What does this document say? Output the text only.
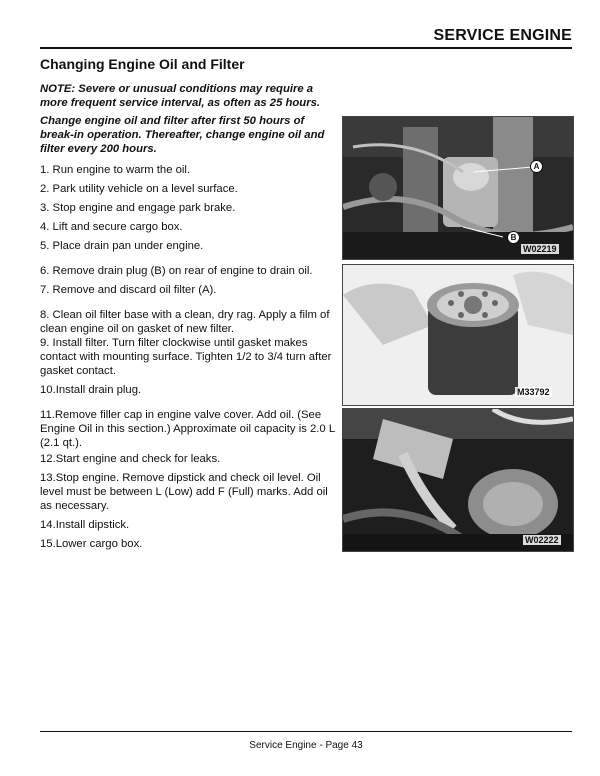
SERVICE ENGINE
Changing Engine Oil and Filter
NOTE: Severe or unusual conditions may require a more frequent service interval, as often as 25 hours.
Change engine oil and filter after first 50 hours of break-in operation. Thereafter, change engine oil and filter every 200 hours.
1. Run engine to warm the oil.
2. Park utility vehicle on a level surface.
3. Stop engine and engage park brake.
4. Lift and secure cargo box.
5. Place drain pan under engine.
6. Remove drain plug (B) on rear of engine to drain oil.
7. Remove and discard oil filter (A).
8. Clean oil filter base with a clean, dry rag. Apply a film of clean engine oil on gasket of new filter.
9. Install filter. Turn filter clockwise until gasket makes contact with mounting surface. Tighten 1/2 to 3/4 turn after gasket contact.
10.Install drain plug.
11.Remove filler cap in engine valve cover. Add oil. (See Engine Oil in this section.) Approximate oil capacity is 2.0 L (2.1 qt.).
12.Start engine and check for leaks.
13.Stop engine. Remove dipstick and check oil level. Oil level must be between L (Low) add F (Full) marks. Add oil as necessary.
14.Install dipstick.
15.Lower cargo box.
A
B
W02219
M33792
W02222
Service Engine - Page 43
